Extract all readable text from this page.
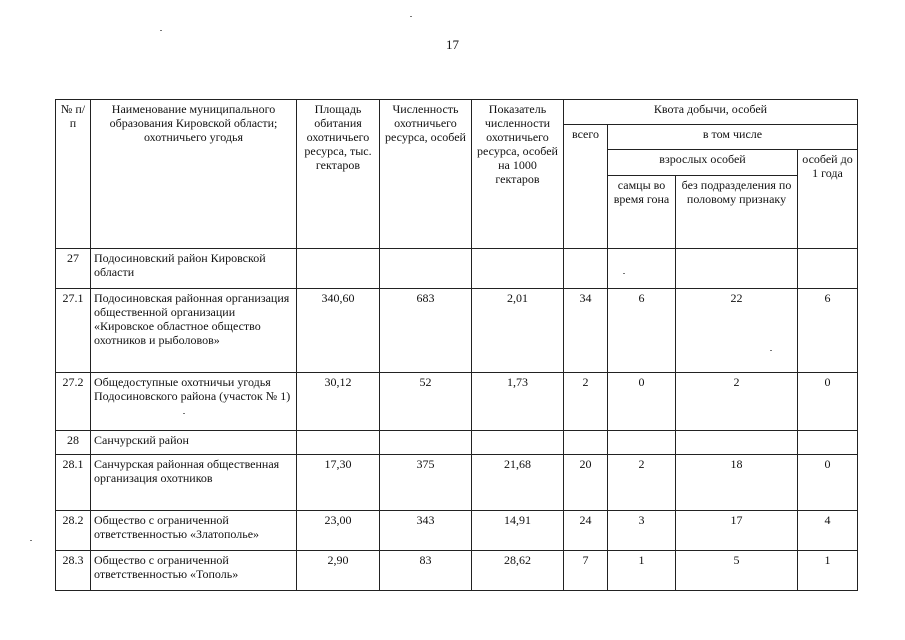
17
№ п/п	Наименование муниципального образования Кировской области; охотничьего угодья	Площадь обитания охотничьего ресурса, тыс. гектаров	Численность охотничьего ресурса, особей	Показатель численности охотничьего ресурса, особей на 1000 гектаров	Квота добычи, особей			
					всего	в том числе		
						взрослых особей		особей до 1 года
						самцы во время гона	без подразделения по половому признаку	
27	Подосиновский район Кировской области							
27.1	Подосиновская районная организация общественной организации «Кировское областное общество охотников и рыболовов»	340,60	683	2,01	34	6	22	6
27.2	Общедоступные охотничьи угодья Подосиновского района (участок № 1)	30,12	52	1,73	2	0	2	0
28	Санчурский район							
28.1	Санчурская районная общественная организация охотников	17,30	375	21,68	20	2	18	0
28.2	Общество с ограниченной ответственностью «Златополье»	23,00	343	14,91	24	3	17	4
28.3	Общество с ограниченной ответственностью «Тополь»	2,90	83	28,62	7	1	5	1
